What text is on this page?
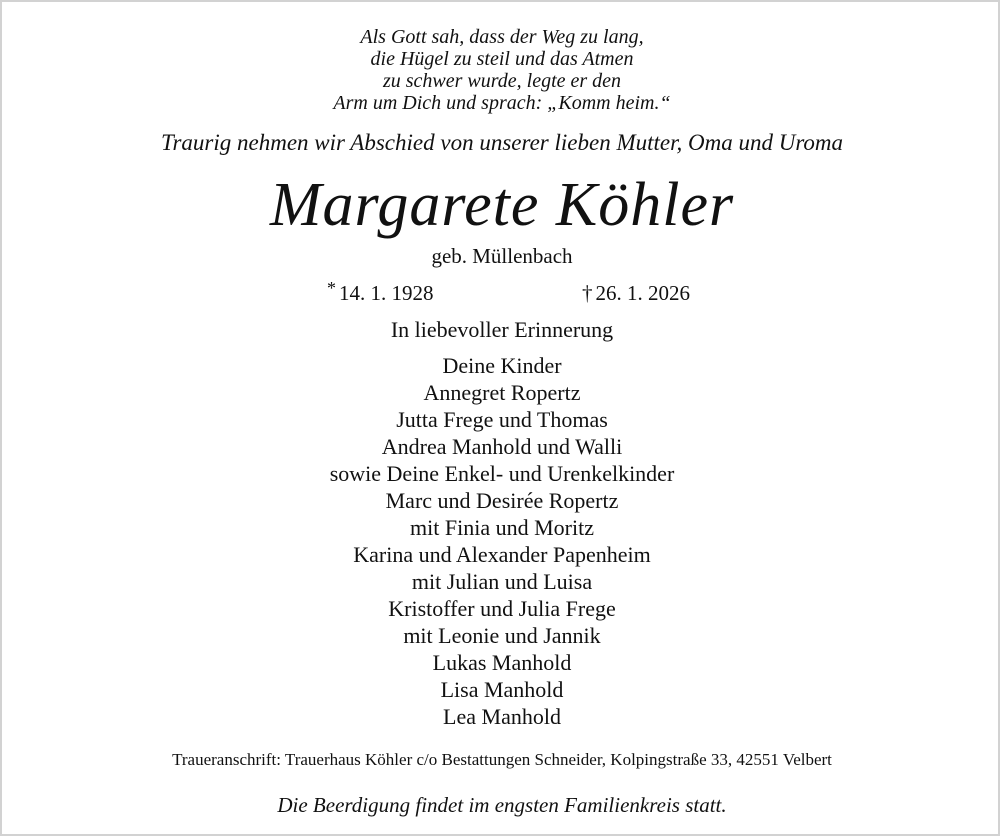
Als Gott sah, dass der Weg zu lang,
die Hügel zu steil und das Atmen
zu schwer wurde, legte er den
Arm um Dich und sprach: „Komm heim.“
Traurig nehmen wir Abschied von unserer lieben Mutter, Oma und Uroma
Margarete Köhler
geb. Müllenbach
* 14. 1. 1928	† 26. 1. 2026
In liebevoller Erinnerung
Deine Kinder
Annegret Ropertz
Jutta Frege und Thomas
Andrea Manhold und Walli
sowie Deine Enkel- und Urenkelkinder
Marc und Desirée Ropertz
mit Finia und Moritz
Karina und Alexander Papenheim
mit Julian und Luisa
Kristoffer und Julia Frege
mit Leonie und Jannik
Lukas Manhold
Lisa Manhold
Lea Manhold
Traueranschrift: Trauerhaus Köhler c/o Bestattungen Schneider, Kolpingstraße 33, 42551 Velbert
Die Beerdigung findet im engsten Familienkreis statt.
